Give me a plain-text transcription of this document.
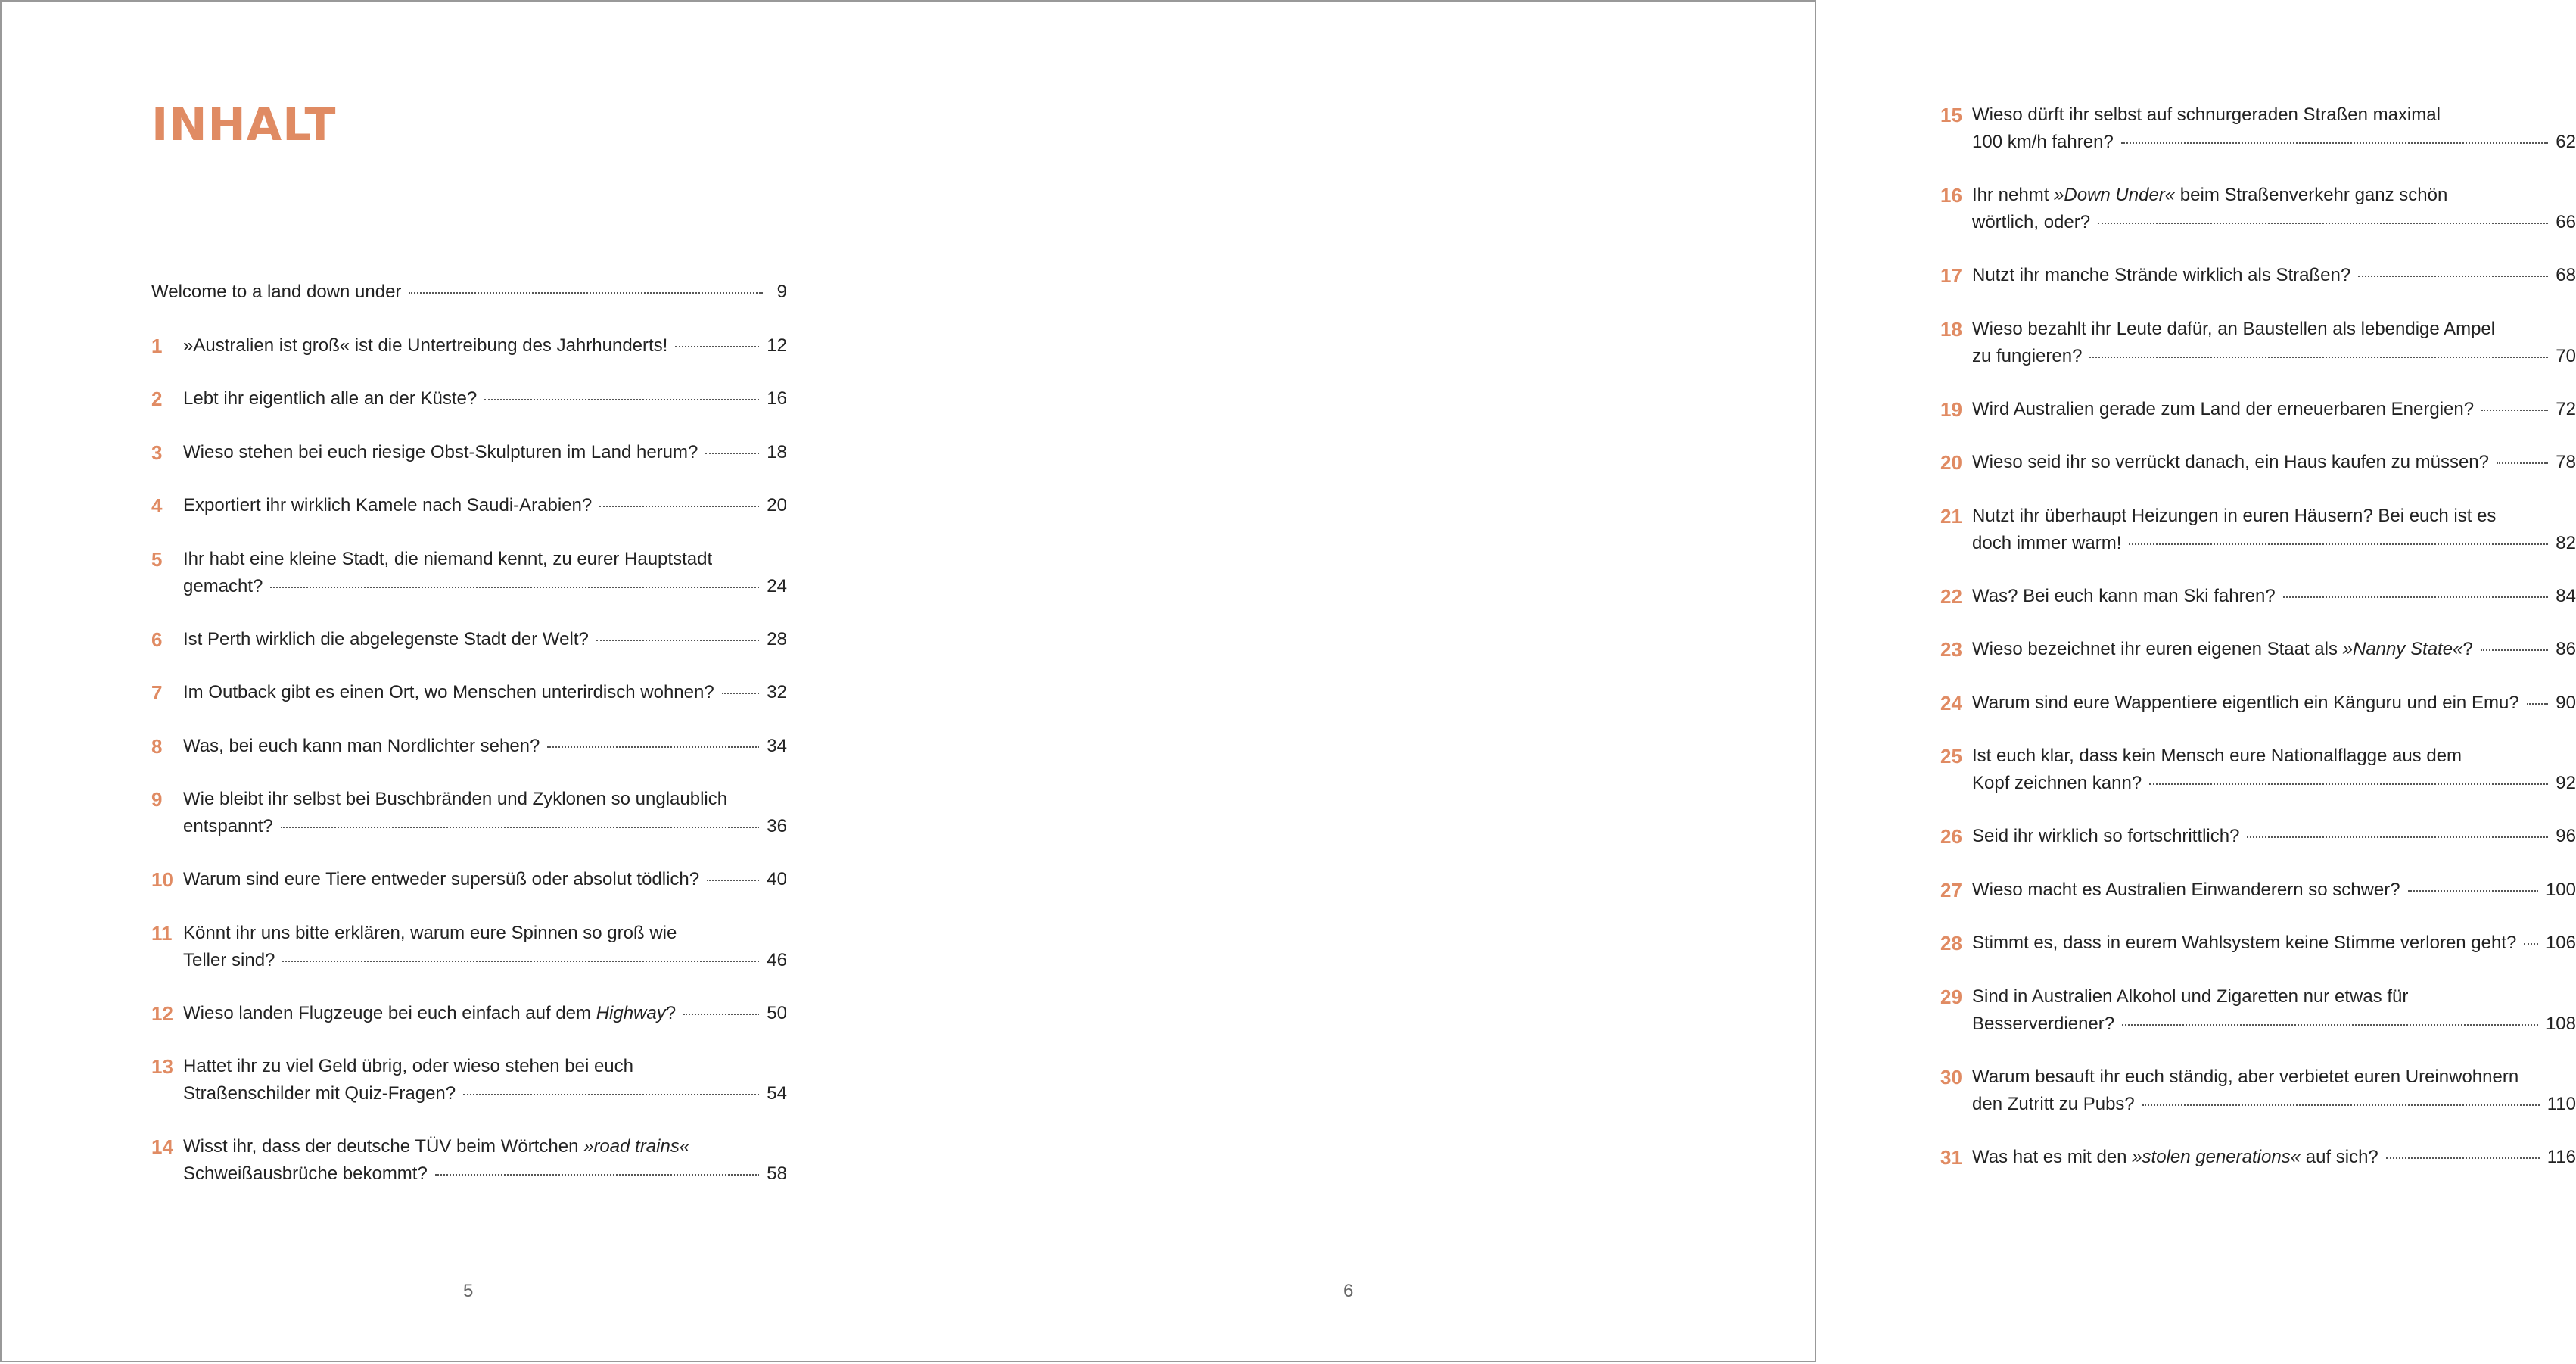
INHALT
Welcome to a land down under	9
1 »Australien ist groß« ist die Untertreibung des Jahrhunderts!	12
2 Lebt ihr eigentlich alle an der Küste?	16
3 Wieso stehen bei euch riesige Obst-Skulpturen im Land herum?	18
4 Exportiert ihr wirklich Kamele nach Saudi-Arabien?	20
5 Ihr habt eine kleine Stadt, die niemand kennt, zu eurer Hauptstadt
gemacht?	24
6 Ist Perth wirklich die abgelegenste Stadt der Welt?	28
7 Im Outback gibt es einen Ort, wo Menschen unterirdisch wohnen?	32
8 Was, bei euch kann man Nordlichter sehen?	34
9 Wie bleibt ihr selbst bei Buschbränden und Zyklonen so unglaublich
entspannt?	36
10 Warum sind eure Tiere entweder supersüß oder absolut tödlich?	40
11 Könnt ihr uns bitte erklären, warum eure Spinnen so groß wie
Teller sind?	46
12 Wieso landen Flugzeuge bei euch einfach auf dem Highway?	50
13 Hattet ihr zu viel Geld übrig, oder wieso stehen bei euch
Straßenschilder mit Quiz-Fragen?	54
14 Wisst ihr, dass der deutsche TÜV beim Wörtchen »road trains«
Schweißausbrüche bekommt?	58
5
15 Wieso dürft ihr selbst auf schnurgeraden Straßen maximal
100 km/h fahren?	62
16 Ihr nehmt »Down Under« beim Straßenverkehr ganz schön
wörtlich, oder?	66
17 Nutzt ihr manche Strände wirklich als Straßen?	68
18 Wieso bezahlt ihr Leute dafür, an Baustellen als lebendige Ampel
zu fungieren?	70
19 Wird Australien gerade zum Land der erneuerbaren Energien?	72
20 Wieso seid ihr so verrückt danach, ein Haus kaufen zu müssen?	78
21 Nutzt ihr überhaupt Heizungen in euren Häusern? Bei euch ist es
doch immer warm!	82
22 Was? Bei euch kann man Ski fahren?	84
23 Wieso bezeichnet ihr euren eigenen Staat als »Nanny State«?	86
24 Warum sind eure Wappentiere eigentlich ein Känguru und ein Emu? 90
25 Ist euch klar, dass kein Mensch eure Nationalflagge aus dem
Kopf zeichnen kann?	92
26 Seid ihr wirklich so fortschrittlich?	96
27 Wieso macht es Australien Einwanderern so schwer?	100
28 Stimmt es, dass in eurem Wahlsystem keine Stimme verloren geht? 106
29 Sind in Australien Alkohol und Zigaretten nur etwas für
Besserverdiener?	108
30 Warum besauft ihr euch ständig, aber verbietet euren Ureinwohnern
den Zutritt zu Pubs?	110
31 Was hat es mit den »stolen generations« auf sich?	116
6
